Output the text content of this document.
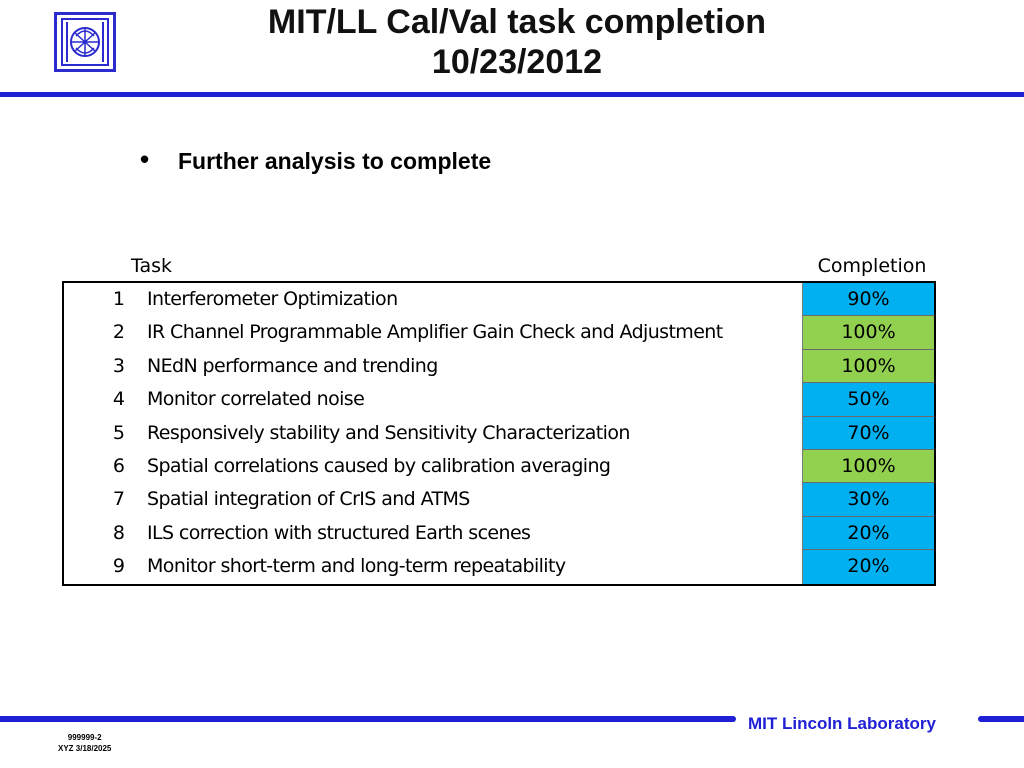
MIT/LL Cal/Val task completion
10/23/2012
• Further analysis to complete
Task	Completion
1	Interferometer Optimization	90%
2	IR Channel Programmable Amplifier Gain Check and Adjustment	100%
3	NEdN performance and trending	100%
4	Monitor correlated noise	50%
5	Responsively stability and Sensitivity Characterization	70%
6	Spatial correlations caused by calibration averaging	100%
7	Spatial integration of CrIS and ATMS	30%
8	ILS correction with structured Earth scenes	20%
9	Monitor short-term and long-term repeatability	20%
MIT Lincoln Laboratory
999999-2
XYZ 3/18/2025
